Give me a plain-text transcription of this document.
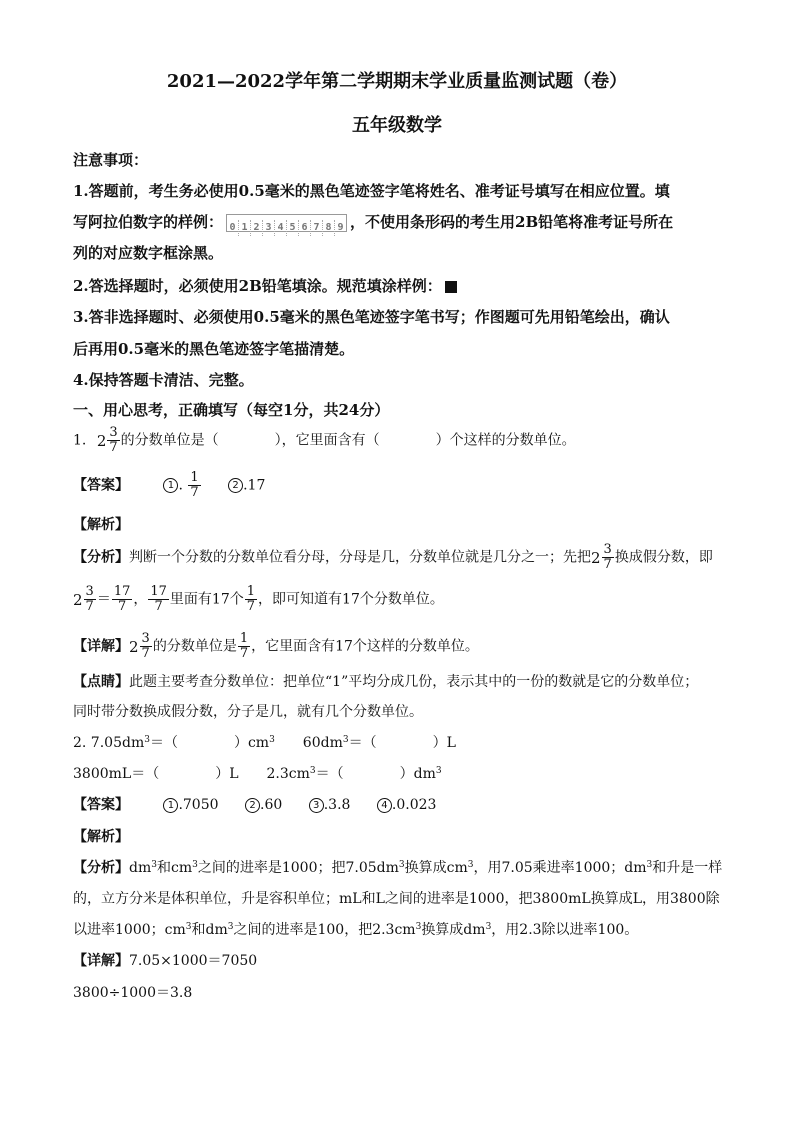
2021—2022学年第二学期期末学业质量监测试题（卷）
五年级数学
注意事项：
1.答题前，考生务必使用0.5毫米的黑色笔迹签字笔将姓名、准考证号填写在相应位置。填
写阿拉伯数字的样例： 0 1 2 3 4 5 6 7 8 9 ，不使用条形码的考生用2B铅笔将准考证号所在
列的对应数字框涂黑。
2.答选择题时，必须使用2B铅笔填涂。规范填涂样例：
3.答非选择题时、必须使用0.5毫米的黑色笔迹签字笔书写；作图题可先用铅笔绘出，确认
后再用0.5毫米的黑色笔迹签字笔描清楚。
4.保持答题卡清洁、完整。
一、用心思考，正确填写（每空1分，共24分）
1. $2 \frac{3}{7}$ 的分数单位是（　　　　），它里面含有（　　　　）个这样的分数单位。
【答案】	1 . $\frac{1}{7}$	2 .17
【解析】
【分析】判断一个分数的分数单位看分母，分母是几，分数单位就是几分之一；先把$2 \frac{3}{7}$ 换成假分数，即
$2 \frac{3}{7} = \frac{17}{7}$ ， $\frac{17}{7}$ 里面有17个 $\frac{1}{7}$ ，即可知道有17个分数单位。
【详解】$2 \frac{3}{7}$ 的分数单位是 $\frac{1}{7}$ ，它里面含有17个这样的分数单位。
【点睛】此题主要考查分数单位：把单位“1”平均分成几份，表示其中的一份的数就是它的分数单位；
同时带分数换成假分数，分子是几，就有几个分数单位。
2. $7.05dm^3=$（　　　　）$cm^3$　　$60dm^3=$（　　　　）L
3800mL＝（　　　　）L　　$2.3cm^3=$（　　　　）$dm^3$
【答案】	1 .7050	2 .60	3 .3.8	4 .0.023
【解析】
【分析】$dm^3$和$cm^3$之间的进率是1000；把$7.05dm^3$换算成$cm^3$，用7.05乘进率1000；$dm^3$和升是一样
的，立方分米是体积单位，升是容积单位；mL和L之间的进率是1000，把3800mL换算成L，用3800除
以进率1000；$cm^3$和$dm^3$之间的进率是100，把$2.3cm^3$换算成$dm^3$，用2.3除以进率100。
【详解】7.05×1000＝7050
3800÷1000＝3.8
